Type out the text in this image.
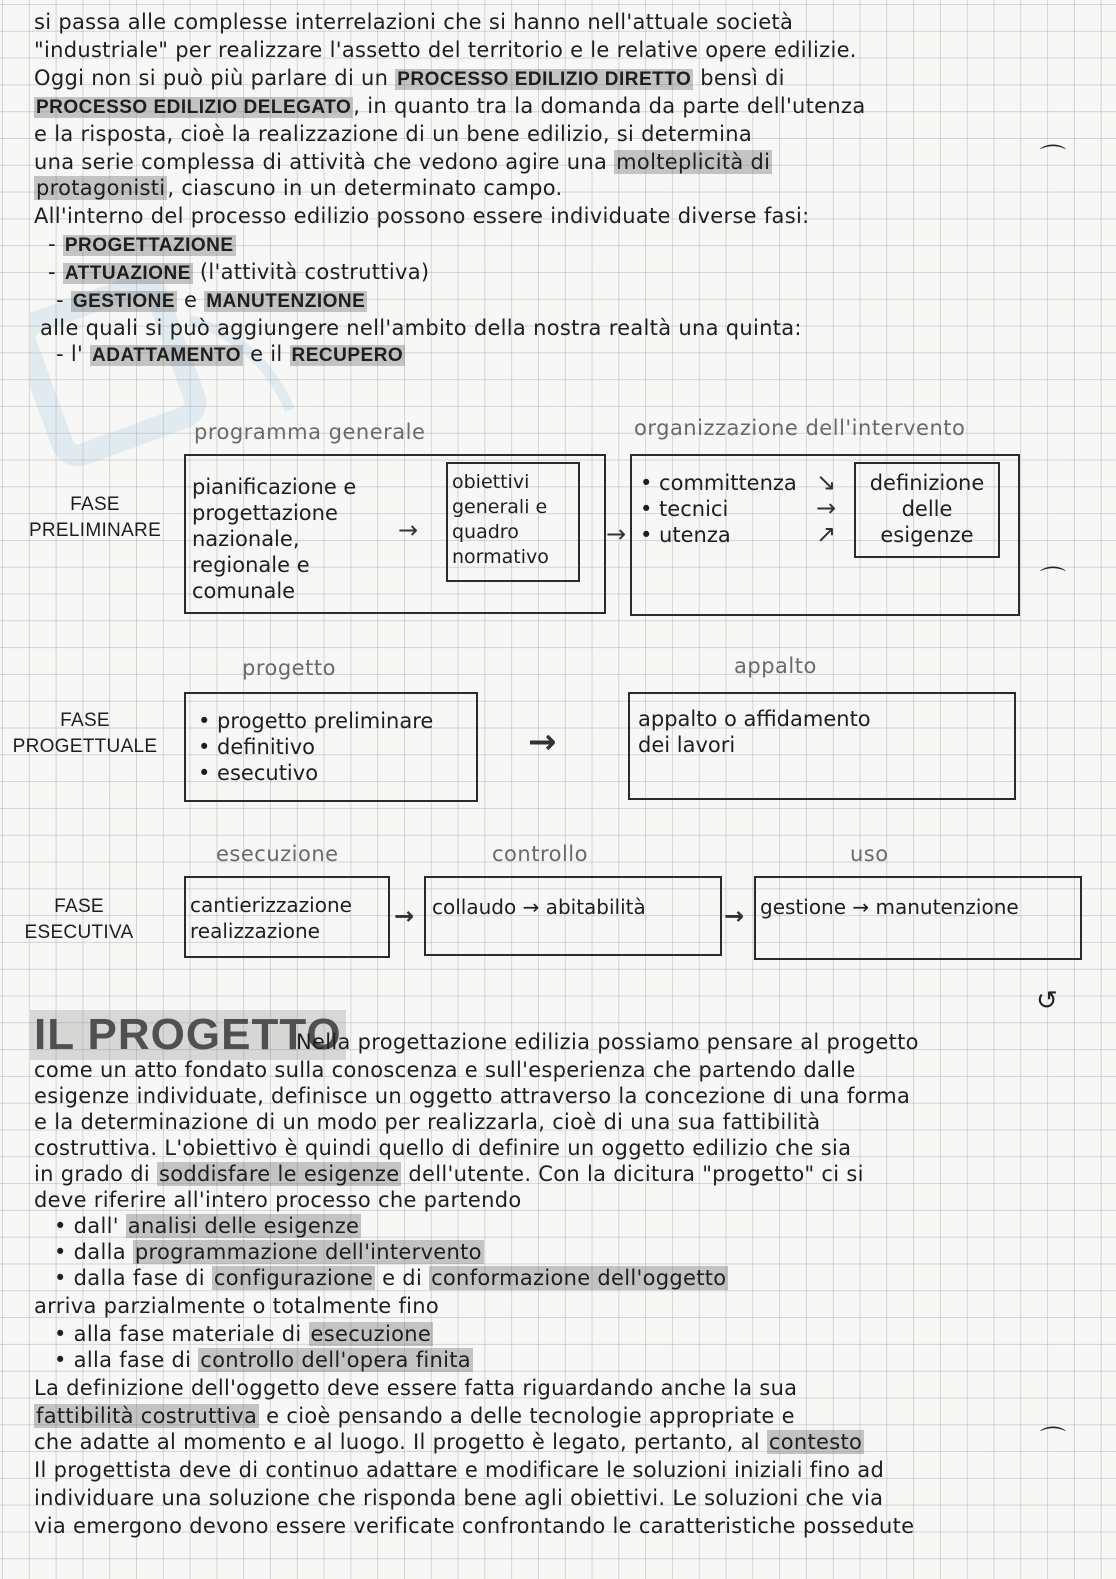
si passa alle complesse interrelazioni che si hanno nell'attuale società
"industriale" per realizzare l'assetto del territorio e le relative opere edilizie.
Oggi non si può più parlare di un PROCESSO EDILIZIO DIRETTO bensì di
PROCESSO EDILIZIO DELEGATO, in quanto tra la domanda da parte dell'utenza
e la risposta, cioè la realizzazione di un bene edilizio, si determina
una serie complessa di attività che vedono agire una molteplicità di
protagonisti, ciascuno in un determinato campo.
All'interno del processo edilizio possono essere individuate diverse fasi:
- PROGETTAZIONE
- ATTUAZIONE (l'attività costruttiva)
- GESTIONE e MANUTENZIONE
alle quali si può aggiungere nell'ambito della nostra realtà una quinta:
- l' ADATTAMENTO e il RECUPERO
FASE
PRELIMINARE
programma generale	organizzazione dell'intervento
pianificazione e
progettazione
nazionale,
regionale e
comunale
→
obiettivi
generali e
quadro
normativo
→
• committenza
• tecnici
• utenza
↘
→
↗
definizione
delle
esigenze
FASE
PROGETTUALE
progetto	appalto
• progetto preliminare
• definitivo
• esecutivo
→
appalto o affidamento
dei lavori
FASE
ESECUTIVA
esecuzione	controllo	uso
cantierizzazione
realizzazione
→ collaudo → abitabilità	→ gestione → manutenzione
⌒
⌒
↺
⌒
IL PROGETTO
Nella progettazione edilizia possiamo pensare al progetto
come un atto fondato sulla conoscenza e sull'esperienza che partendo dalle
esigenze individuate, definisce un oggetto attraverso la concezione di una forma
e la determinazione di un modo per realizzarla, cioè di una sua fattibilità
costruttiva. L'obiettivo è quindi quello di definire un oggetto edilizio che sia
in grado di soddisfare le esigenze dell'utente. Con la dicitura "progetto" ci si
deve riferire all'intero processo che partendo
• dall' analisi delle esigenze
• dalla programmazione dell'intervento
• dalla fase di configurazione e di conformazione dell'oggetto
arriva parzialmente o totalmente fino
• alla fase materiale di esecuzione
• alla fase di controllo dell'opera finita
La definizione dell'oggetto deve essere fatta riguardando anche la sua
fattibilità costruttiva e cioè pensando a delle tecnologie appropriate e
che adatte al momento e al luogo. Il progetto è legato, pertanto, al contesto
Il progettista deve di continuo adattare e modificare le soluzioni iniziali fino ad
individuare una soluzione che risponda bene agli obiettivi. Le soluzioni che via
via emergono devono essere verificate confrontando le caratteristiche possedute
